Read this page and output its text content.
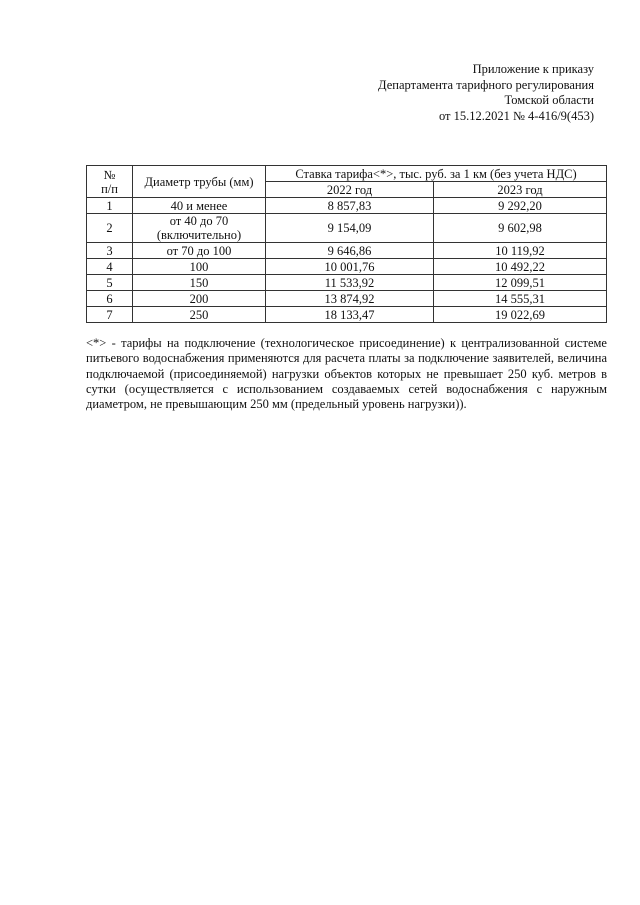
Приложение к приказу
Департамента тарифного регулирования
Томской области
от 15.12.2021 № 4-416/9(453)
№
п/п	Диаметр трубы (мм)	Ставка тарифа<*>, тыс. руб. за 1 км (без учета НДС)	
		2022 год	2023 год
1	40 и менее	8 857,83	9 292,20
2	от 40 до 70 (включительно)	9 154,09	9 602,98
3	от 70 до 100	9 646,86	10 119,92
4	100	10 001,76	10 492,22
5	150	11 533,92	12 099,51
6	200	13 874,92	14 555,31
7	250	18 133,47	19 022,69
<*> - тарифы на подключение (технологическое присоединение) к централизованной системе питьевого водоснабжения применяются для расчета платы за подключение заявителей, величина подключаемой (присоединяемой) нагрузки объектов которых не превышает 250 куб. метров в сутки (осуществляется с использованием создаваемых сетей водоснабжения с наружным диаметром, не превышающим 250 мм (предельный уровень нагрузки)).
